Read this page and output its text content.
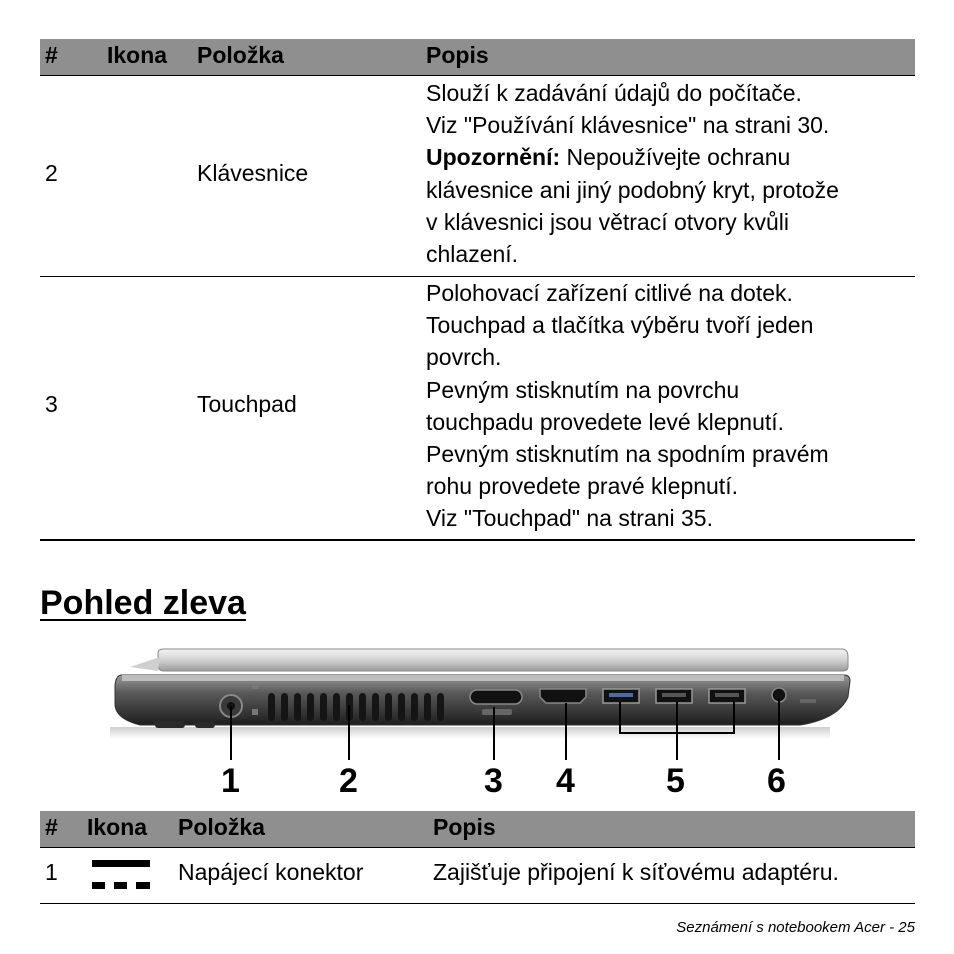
# Ikona Položka	Popis
2	Klávesnice
Slouží k zadávání údajů do počítače.
Viz "Používání klávesnice" na strani 30.
Upozornění: Nepoužívejte ochranu
klávesnice ani jiný podobný kryt, protože
v klávesnici jsou větrací otvory kvůli
chlazení.
3	Touchpad
Polohovací zařízení citlivé na dotek.
Touchpad a tlačítka výběru tvoří jeden
povrch.
Pevným stisknutím na povrchu
touchpadu provedete levé klepnutí.
Pevným stisknutím na spodním pravém
rohu provedete pravé klepnutí.
Viz "Touchpad" na strani 35.
Pohled zleva
1	2	3 4	5 6
# Ikona Položka	Popis
1	Napájecí konektor	Zajišťuje připojení k síťovému adaptéru.
Seznámení s notebookem Acer - 25
